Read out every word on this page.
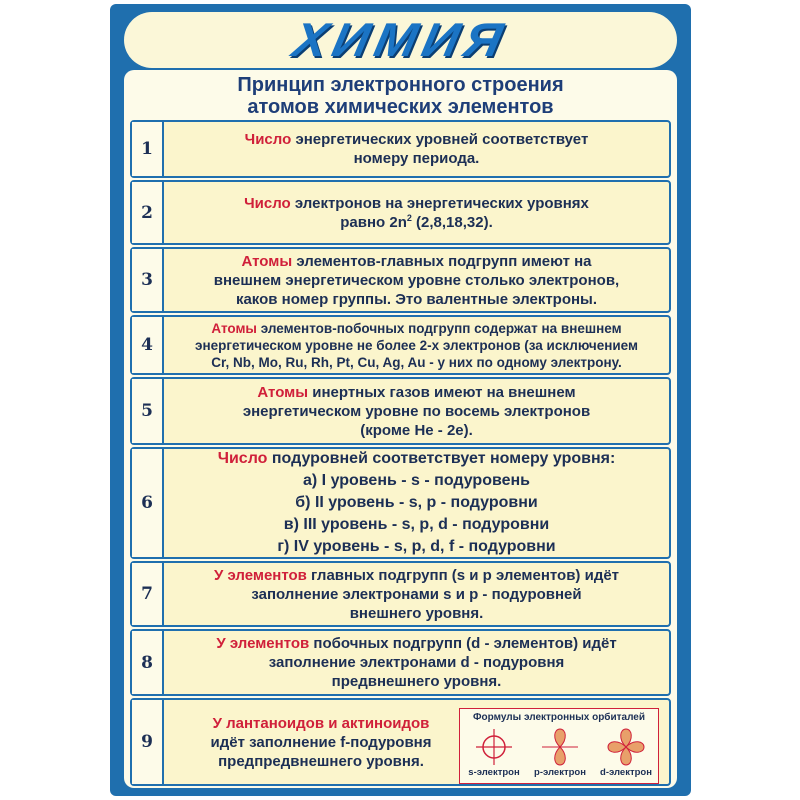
ХИМИЯ
Принцип электронного строения
атомов химических элементов
1	Число энергетических уровней соответствует
номеру периода.
2	Число электронов на энергетических уровнях
равно $2n^2$ (2,8,18,32).
3
Атомы элементов-главных подгрупп имеют на
внешнем энергетическом уровне столько электронов,
каков номер группы. Это валентные электроны.
4
Атомы элементов-побочных подгрупп содержат на внешнем
энергетическом уровне не более 2-х электронов (за исключением
Cr, Nb, Mo, Ru, Rh, Pt, Cu, Ag, Au - у них по одному электрону.
5
Атомы инертных газов имеют на внешнем
энергетическом уровне по восемь электронов
(кроме He - 2е).
6
Число подуровней соответствует номеру уровня:
а) I уровень - s - подуровень
б) II уровень - s, p - подуровни
в) III уровень - s, p, d - подуровни
г) IV уровень - s, p, d, f - подуровни
7
У элементов главных подгрупп (s и p элементов) идёт
заполнение электронами s и p - подуровней
внешнего уровня.
8
У элементов побочных подгрупп (d - элементов) идёт
заполнение электронами d - подуровня
предвнешнего уровня.
9
У лантаноидов и актиноидов
идёт заполнение f-подуровня
предпредвнешнего уровня.
Формулы электронных орбиталей
s-электрон	p-электрон	d-электрон
